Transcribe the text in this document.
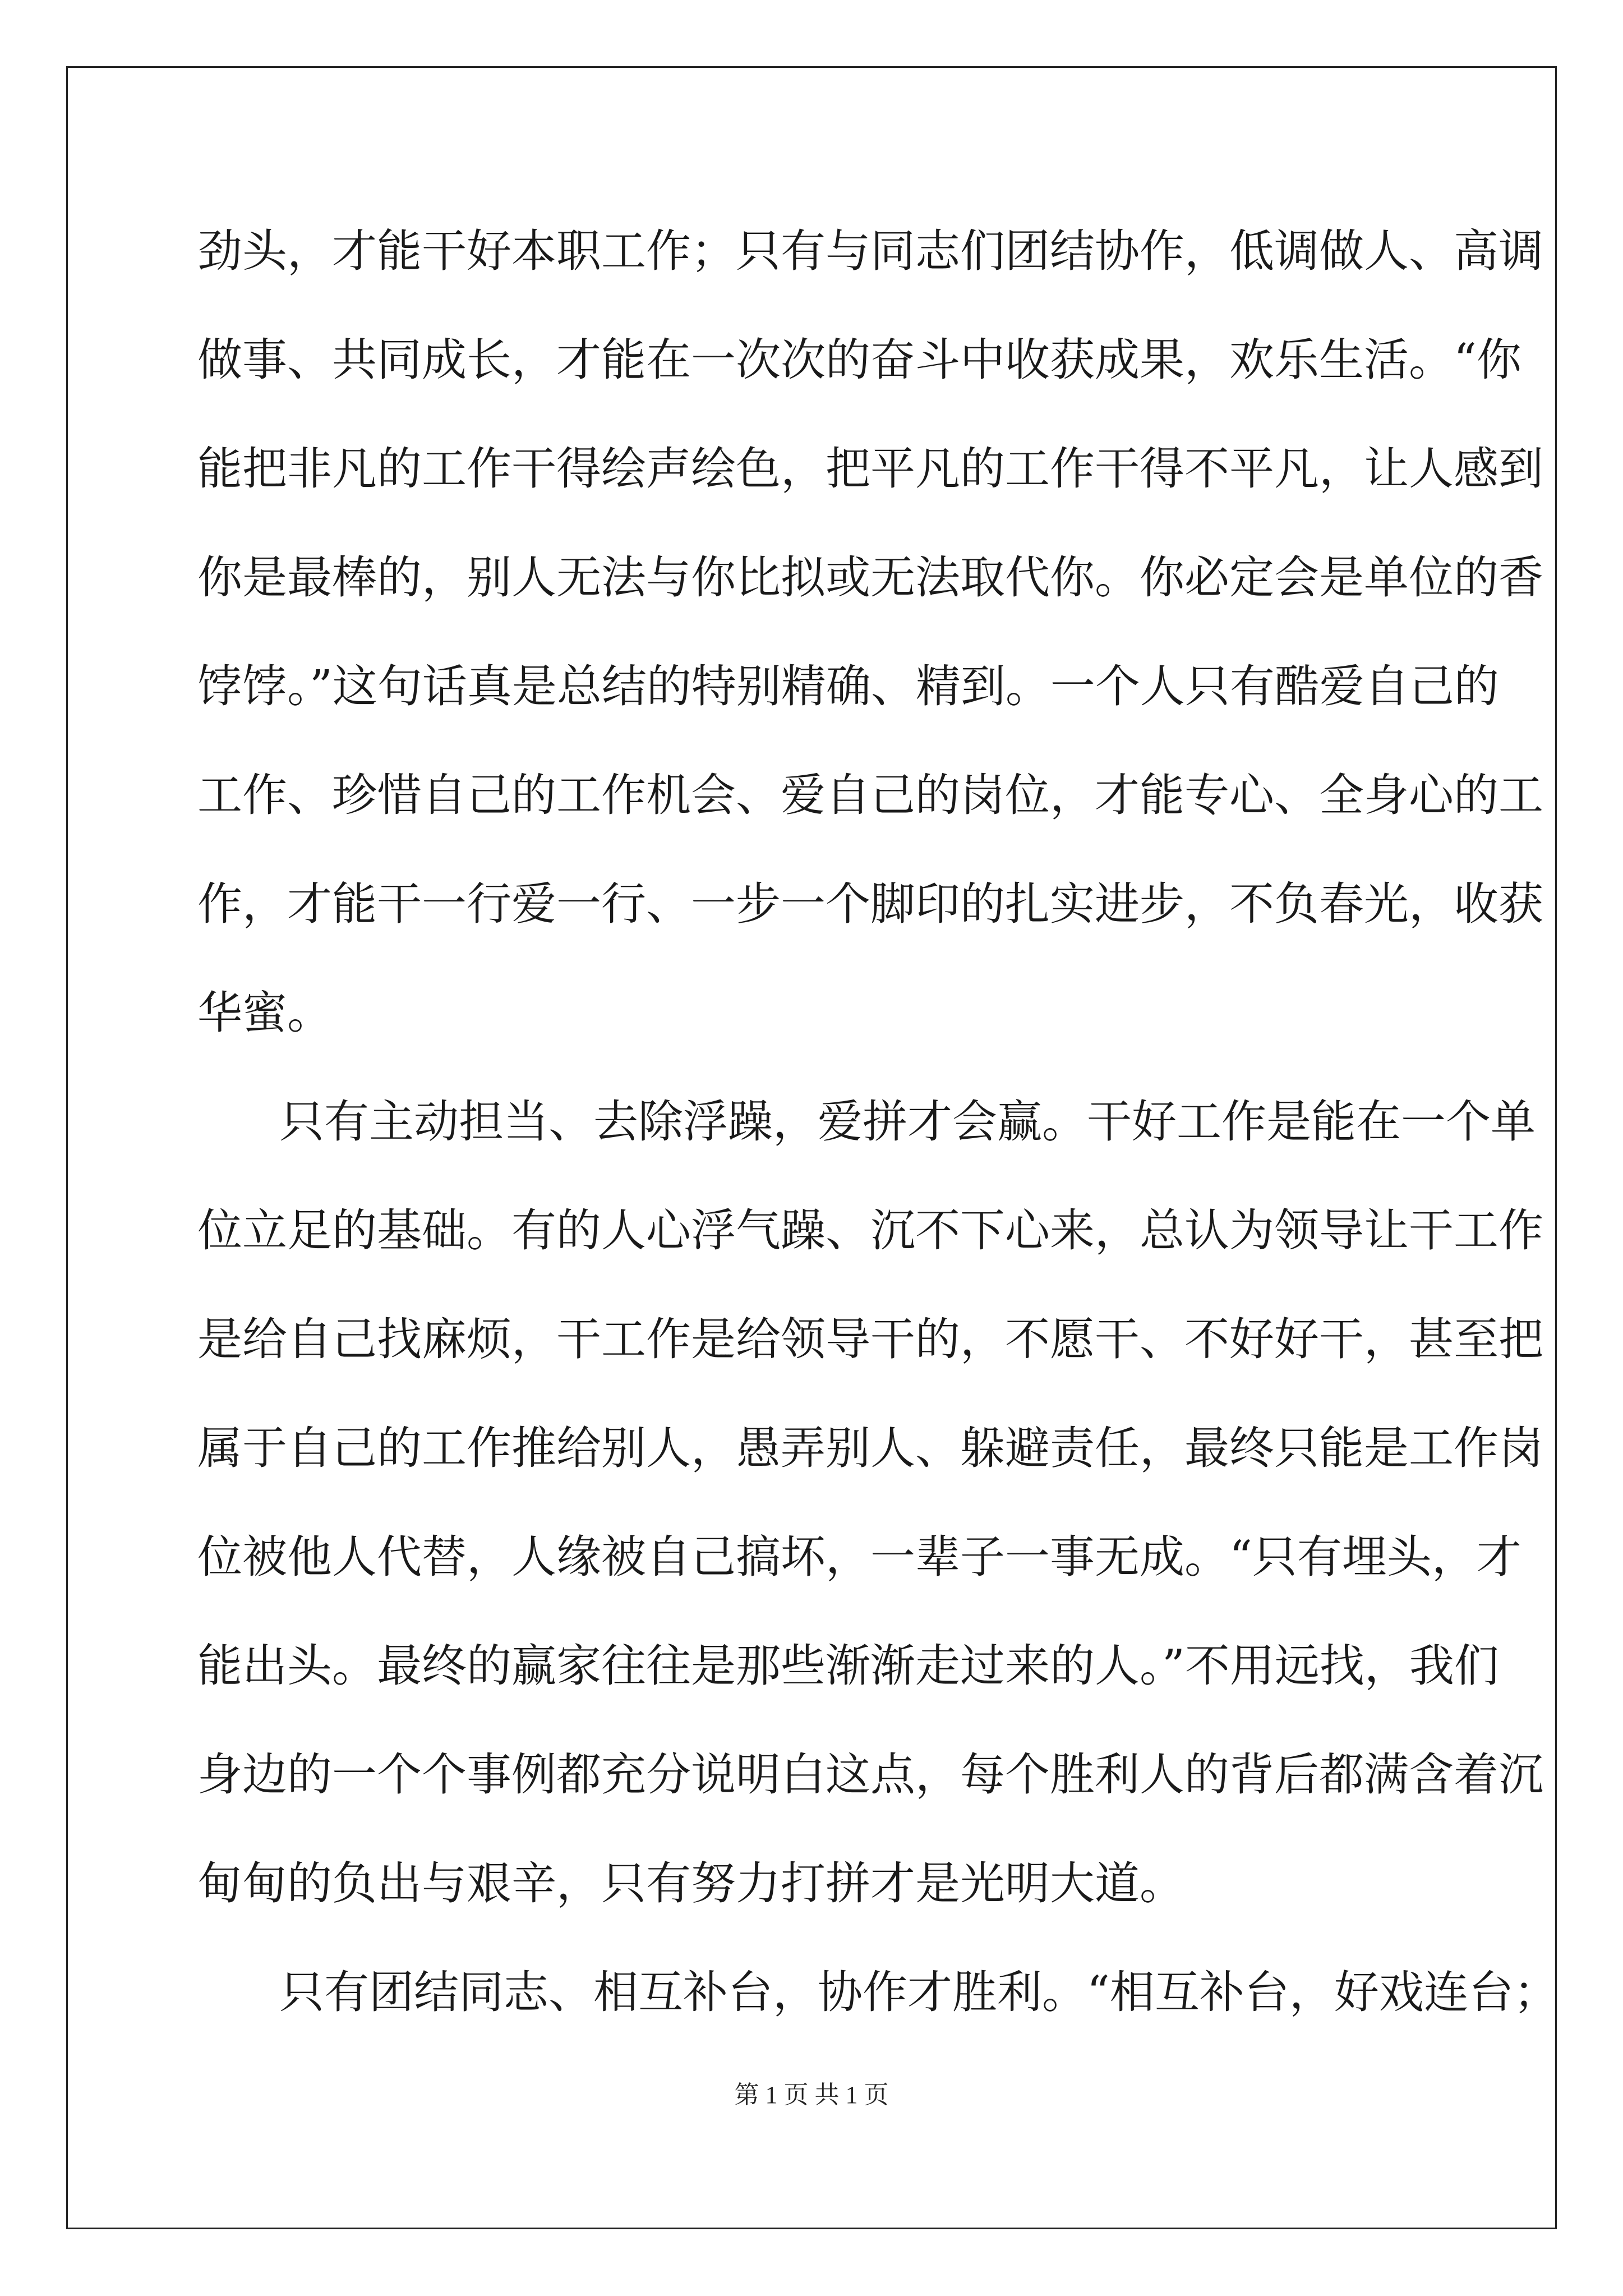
劲头，才能干好本职工作；只有与同志们团结协作，低调做人、高调
做事、共同成长，才能在一次次的奋斗中收获成果，欢乐生活。“你
能把非凡的工作干得绘声绘色，把平凡的工作干得不平凡，让人感到
你是最棒的，别人无法与你比拟或无法取代你。你必定会是单位的香
饽饽。”这句话真是总结的特别精确、精到。一个人只有酷爱自己的
工作、珍惜自己的工作机会、爱自己的岗位，才能专心、全身心的工
作，才能干一行爱一行、一步一个脚印的扎实进步，不负春光，收获
华蜜。
只有主动担当、去除浮躁，爱拼才会赢。干好工作是能在一个单
位立足的基础。有的人心浮气躁、沉不下心来，总认为领导让干工作
是给自己找麻烦，干工作是给领导干的，不愿干、不好好干，甚至把
属于自己的工作推给别人，愚弄别人、躲避责任，最终只能是工作岗
位被他人代替，人缘被自己搞坏，一辈子一事无成。“只有埋头，才
能出头。最终的赢家往往是那些渐渐走过来的人。”不用远找，我们
身边的一个个事例都充分说明白这点，每个胜利人的背后都满含着沉
甸甸的负出与艰辛，只有努力打拼才是光明大道。
只有团结同志、相互补台，协作才胜利。“相互补台，好戏连台；
第 1 页 共 1 页
